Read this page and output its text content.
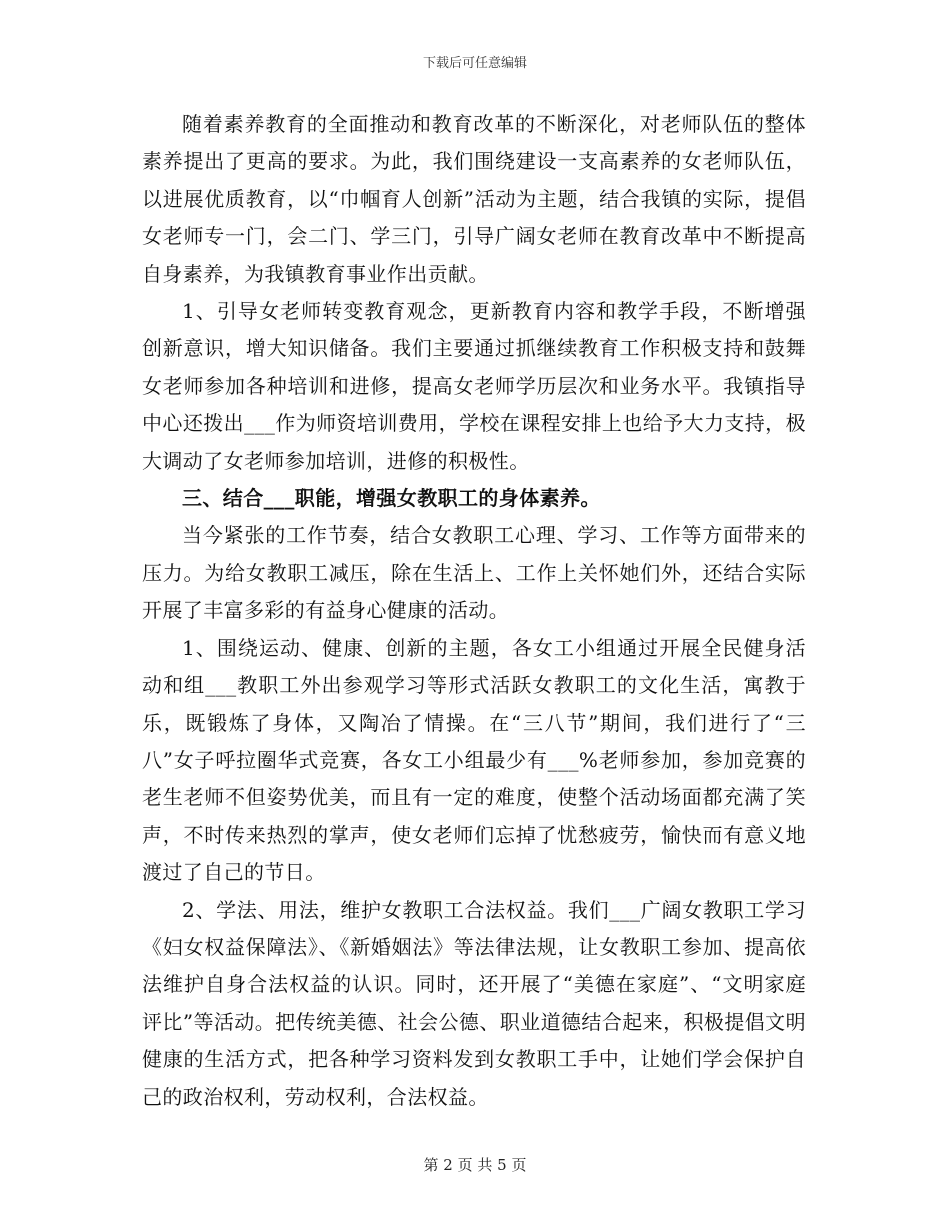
下载后可任意编辑

随着素养教育的全面推动和教育改革的不断深化，对老师队伍的整体素养提出了更高的要求。为此，我们围绕建设一支高素养的女老师队伍，以进展优质教育，以“巾帼育人创新”活动为主题，结合我镇的实际，提倡女老师专一门，会二门、学三门，引导广阔女老师在教育改革中不断提高自身素养，为我镇教育事业作出贡献。

1、引导女老师转变教育观念，更新教育内容和教学手段，不断增强创新意识，增大知识储备。我们主要通过抓继续教育工作积极支持和鼓舞女老师参加各种培训和进修，提高女老师学历层次和业务水平。我镇指导中心还拨出___作为师资培训费用，学校在课程安排上也给予大力支持，极大调动了女老师参加培训，进修的积极性。

三、结合___职能，增强女教职工的身体素养。

当今紧张的工作节奏，结合女教职工心理、学习、工作等方面带来的压力。为给女教职工减压，除在生活上、工作上关怀她们外，还结合实际开展了丰富多彩的有益身心健康的活动。

1、围绕运动、健康、创新的主题，各女工小组通过开展全民健身活动和组___教职工外出参观学习等形式活跃女教职工的文化生活，寓教于乐，既锻炼了身体，又陶冶了情操。在“三八节”期间，我们进行了“三八”女子呼拉圈华式竞赛，各女工小组最少有___%老师参加，参加竞赛的老生老师不但姿势优美，而且有一定的难度，使整个活动场面都充满了笑声，不时传来热烈的掌声，使女老师们忘掉了忧愁疲劳，愉快而有意义地渡过了自己的节日。

2、学法、用法，维护女教职工合法权益。我们___广阔女教职工学习《妇女权益保障法》、《新婚姻法》等法律法规，让女教职工参加、提高依法维护自身合法权益的认识。同时，还开展了“美德在家庭”、“文明家庭评比”等活动。把传统美德、社会公德、职业道德结合起来，积极提倡文明健康的生活方式，把各种学习资料发到女教职工手中，让她们学会保护自己的政治权利，劳动权利，合法权益。

第 2 页 共 5 页
